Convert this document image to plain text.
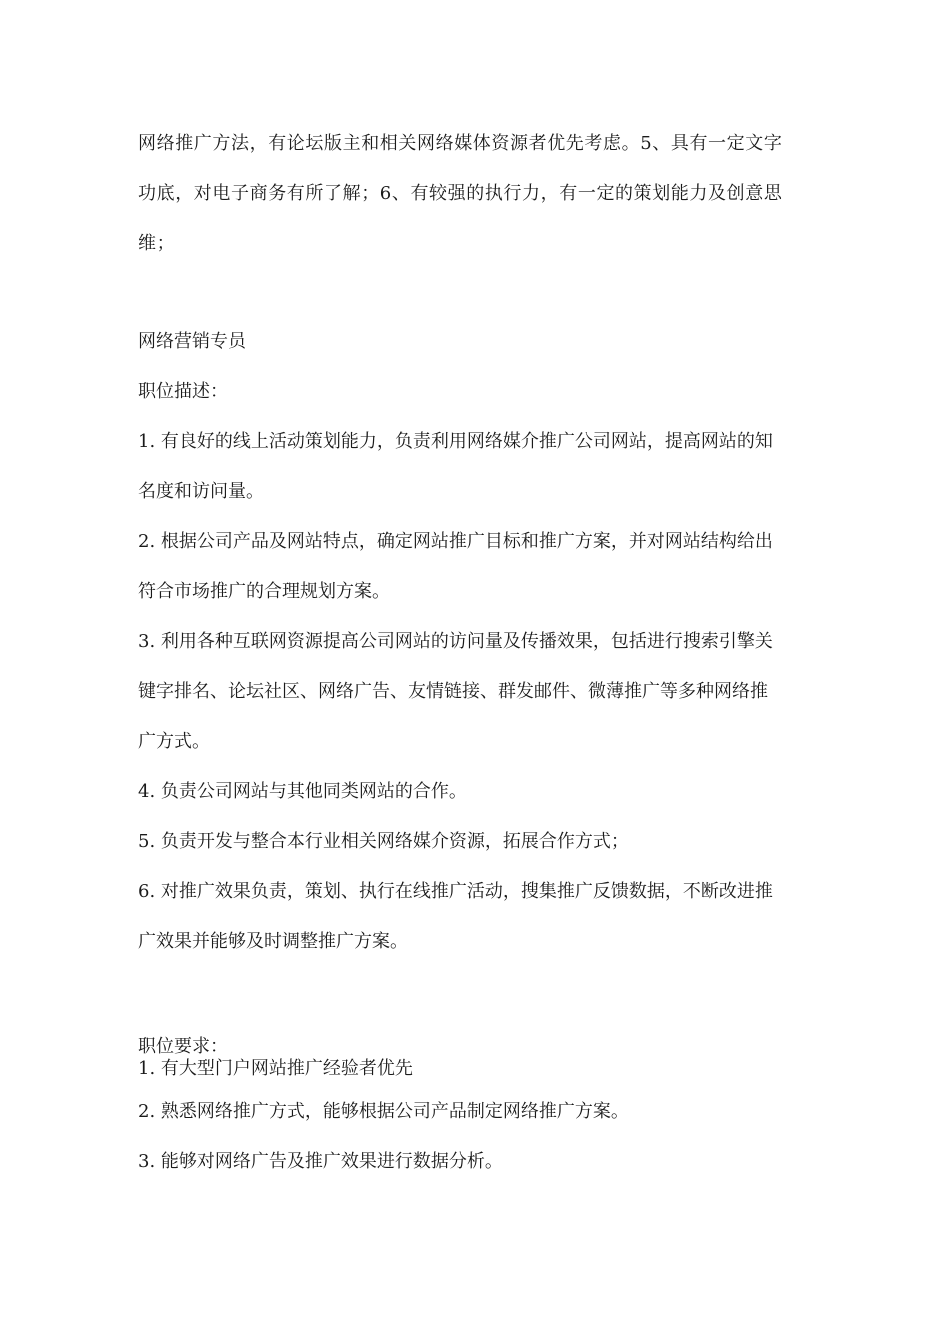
网络推广方法，有论坛版主和相关网络媒体资源者优先考虑。5、具有一定文字
功底，对电子商务有所了解；6、有较强的执行力，有一定的策划能力及创意思
维；
网络营销专员
职位描述：
1. 有良好的线上活动策划能力，负责利用网络媒介推广公司网站，提高网站的知
名度和访问量。
2. 根据公司产品及网站特点，确定网站推广目标和推广方案，并对网站结构给出
符合市场推广的合理规划方案。
3. 利用各种互联网资源提高公司网站的访问量及传播效果，包括进行搜索引擎关
键字排名、论坛社区、网络广告、友情链接、群发邮件、微薄推广等多种网络推
广方式。
4. 负责公司网站与其他同类网站的合作。
5. 负责开发与整合本行业相关网络媒介资源，拓展合作方式；
6. 对推广效果负责，策划、执行在线推广活动，搜集推广反馈数据，不断改进推
广效果并能够及时调整推广方案。
职位要求：
1. 有大型门户网站推广经验者优先
2. 熟悉网络推广方式，能够根据公司产品制定网络推广方案。
3. 能够对网络广告及推广效果进行数据分析。
